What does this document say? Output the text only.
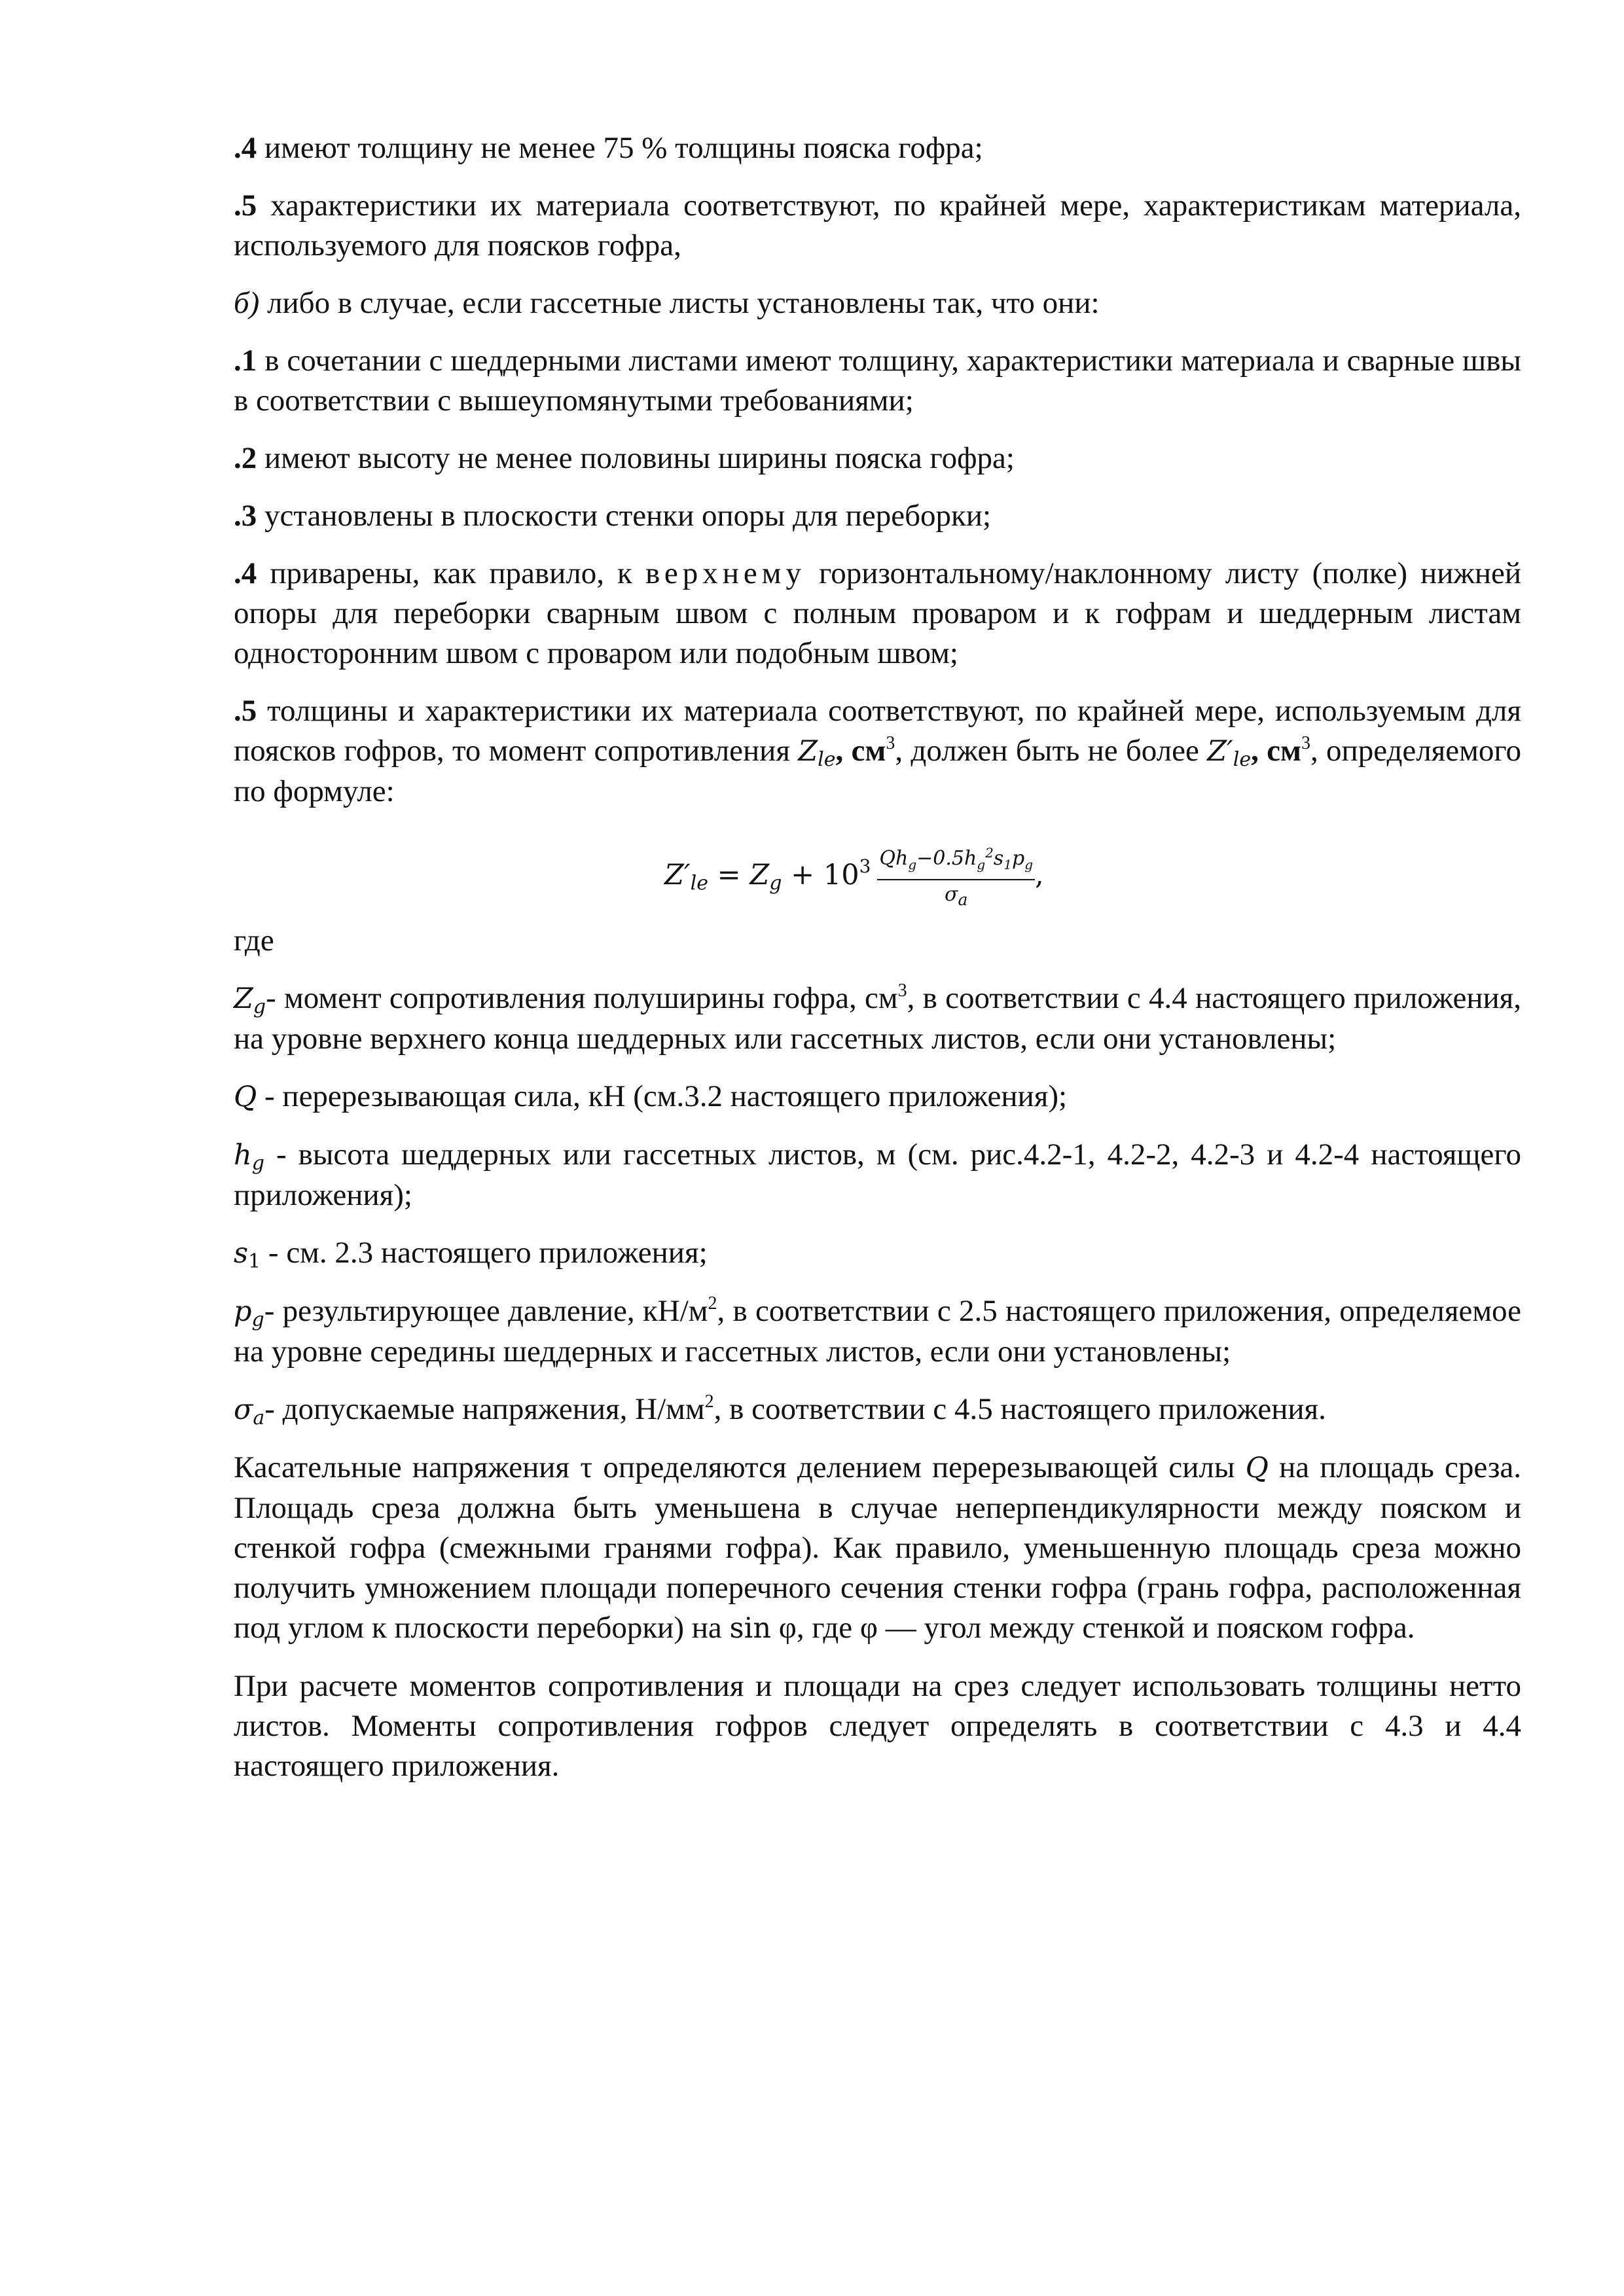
.4 имеют толщину не менее 75 % толщины пояска гофра;

.5 характеристики их материала соответствуют, по крайней мере, характеристикам материала, используемого для поясков гофра,

б) либо в случае, если гассетные листы установлены так, что они:

.1 в сочетании с шеддерными листами имеют толщину, характеристики материала и сварные швы в соответствии с вышеупомянутыми требованиями;

.2 имеют высоту не менее половины ширины пояска гофра;

.3 установлены в плоскости стенки опоры для переборки;

.4 приварены, как правило, к верхнему горизонтальному/наклонному листу (полке) нижней опоры для переборки сварным швом с полным проваром и к гофрам и шеддерным листам односторонним швом с проваром или подобным швом;

.5 толщины и характеристики их материала соответствуют, по крайней мере, используемым для поясков гофров, то момент сопротивления $Z_{le}$, $см^3$, должен быть не более $Z'_{le}$, $см^3$, определяемого по формуле:

$Z'_{le} = Z_g + 10^3 \frac{Qh_g-0.5h_g^2s_1p_g}{\sigma_a}$ ,

где

$Z_g-$ момент сопротивления полуширины гофра, $см^3$, в соответствии с 4.4 настоящего приложения, на уровне верхнего конца шеддерных или гассетных листов, если они установлены;

Q - перерезывающая сила, кН (см.3.2 настоящего приложения);

$h_g$ - высота шеддерных или гассетных листов, м (см. рис.4.2-1, 4.2-2, 4.2-3 и 4.2-4 настоящего приложения);

$s_1$ - см. 2.3 настоящего приложения;

$p_g-$ результирующее давление, $кН/м^2$, в соответствии с 2.5 настоящего приложения, определяемое на уровне середины шеддерных и гассетных листов, если они установлены;

$\sigma_a-$ допускаемые напряжения, $Н/мм^2$, в соответствии с 4.5 настоящего приложения.

Касательные напряжения τ определяются делением перерезывающей силы Q на площадь среза. Площадь среза должна быть уменьшена в случае неперпендикулярности между пояском и стенкой гофра (смежными гранями гофра). Как правило, уменьшенную площадь среза можно получить умножением площади поперечного сечения стенки гофра (грань гофра, расположенная под углом к плоскости переборки) на sin φ, где φ — угол между стенкой и пояском гофра.

При расчете моментов сопротивления и площади на срез следует использовать толщины нетто листов. Моменты сопротивления гофров следует определять в соответствии с 4.3 и 4.4 настоящего приложения.
